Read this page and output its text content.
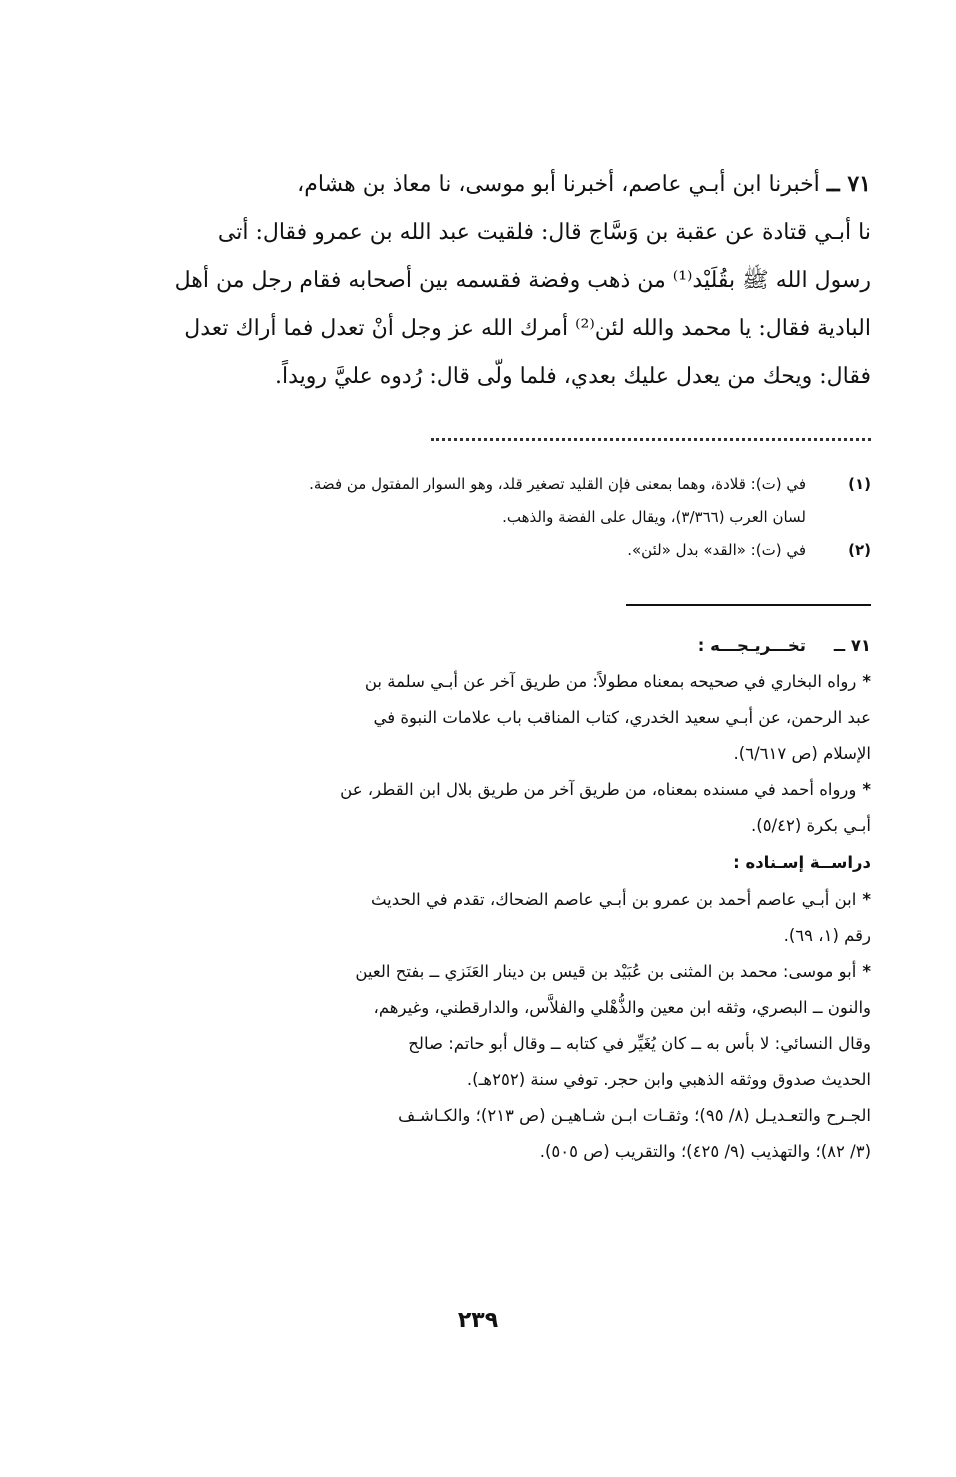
٧١ ــ أخبرنا ابن أبـي عاصم، أخبرنا أبو موسى، نا معاذ بن هشام،
نا أبـي قتادة عن عقبة بن وَسَّاج قال: فلقيت عبد الله بن عمرو فقال: أتى
رسول الله ﷺ بقُلَيْد⁽¹⁾ من ذهب وفضة فقسمه بين أصحابه فقام رجل من أهل
البادية فقال: يا محمد والله لئن⁽²⁾ أمرك الله عز وجل أنْ تعدل فما أراك تعدل
فقال: ويحك من يعدل عليك بعدي، فلما ولّى قال: رُدوه عليَّ رويداً.
(١)
في (ت): قلادة، وهما بمعنى فإن القليد تصغير قلد، وهو السوار المفتول من فضة.
لسان العرب (٣/٣٦٦)، ويقال على الفضة والذهب.
(٢)
في (ت): «القد» بدل «لئن».
٧١ ــ
تخـــريـجـــه :
*رواه البخاري في صحيحه بمعناه مطولاً: من طريق آخر عن أبـي سلمة بن
عبد الرحمن، عن أبـي سعيد الخدري، كتاب المناقب باب علامات النبوة في
الإسلام (ص ٦/٦١٧).
*ورواه أحمد في مسنده بمعناه، من طريق آخر من طريق بلال ابن القطر، عن
أبـي بكرة (٥/٤٢).
دراســة إسـناده :
*ابن أبـي عاصم أحمد بن عمرو بن أبـي عاصم الضحاك، تقدم في الحديث
رقم (١، ٦٩).
*أبو موسى: محمد بن المثنى بن عُبَيْد بن قيس بن دينار العَنَزي ــ بفتح العين
والنون ــ البصري، وثقه ابن معين والذُّهْلي والفلاَّس، والدارقطني، وغيرهم،
وقال النسائي: لا بأس به ــ كان يُغَيِّر في كتابه ــ وقال أبو حاتم: صالح
الحديث صدوق ووثقه الذهبي وابن حجر. توفي سنة (٢٥٢هـ).
الجـرح والتعـديـل (٨/ ٩٥)؛ وثقـات ابـن شـاهيـن (ص ٢١٣)؛ والكـاشـف
(٣/ ٨٢)؛ والتهذيب (٩/ ٤٢٥)؛ والتقريب (ص ٥٠٥).
٢٣٩
